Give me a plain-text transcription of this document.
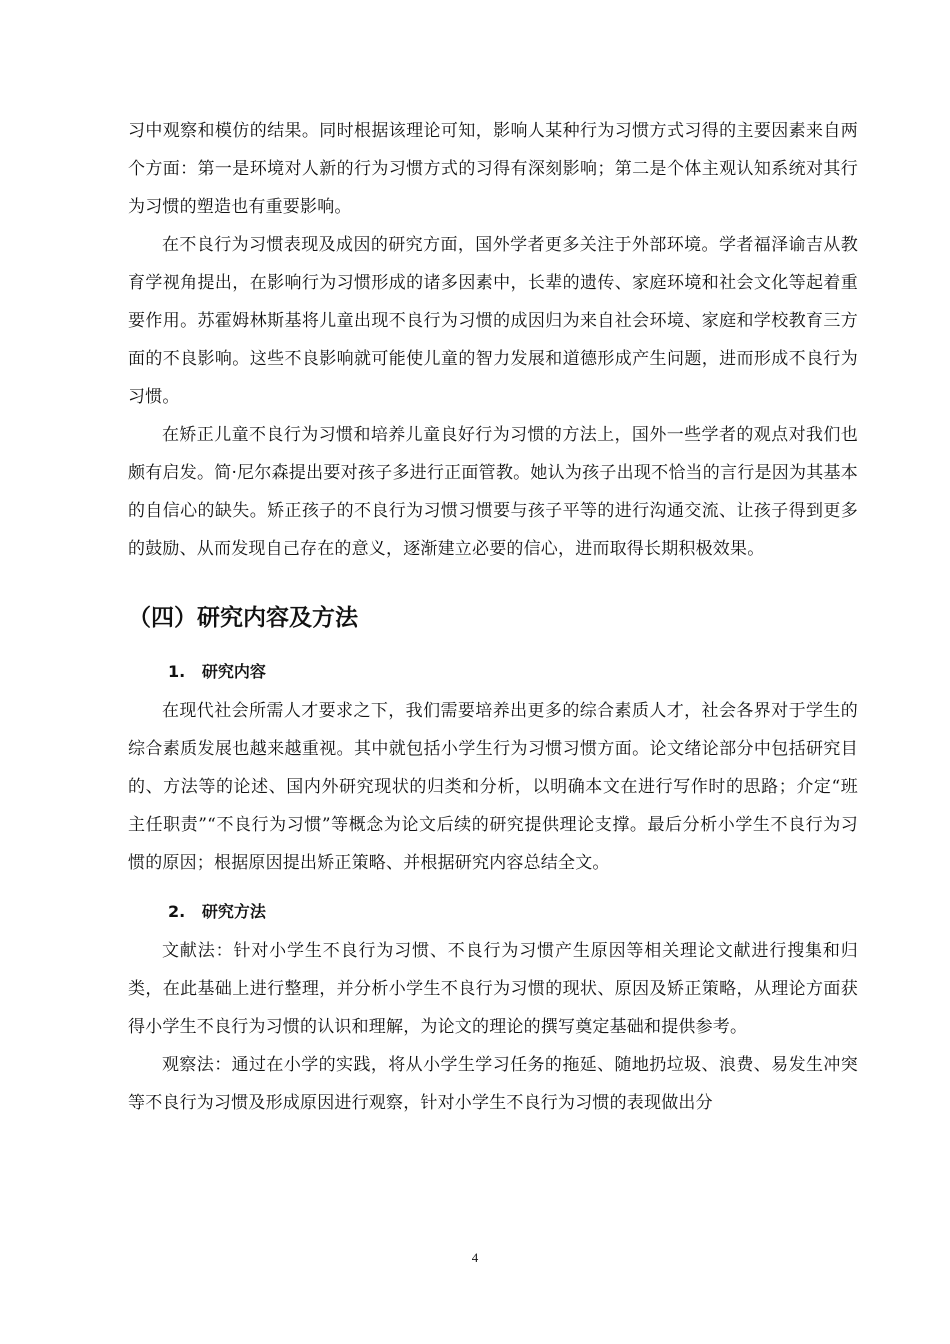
习中观察和模仿的结果。同时根据该理论可知，影响人某种行为习惯方式习得的主要因素来自两个方面：第一是环境对人新的行为习惯方式的习得有深刻影响；第二是个体主观认知系统对其行为习惯的塑造也有重要影响。

在不良行为习惯表现及成因的研究方面，国外学者更多关注于外部环境。学者福泽谕吉从教育学视角提出，在影响行为习惯形成的诸多因素中，长辈的遗传、家庭环境和社会文化等起着重要作用。苏霍姆林斯基将儿童出现不良行为习惯的成因归为来自社会环境、家庭和学校教育三方面的不良影响。这些不良影响就可能使儿童的智力发展和道德形成产生问题，进而形成不良行为习惯。

在矫正儿童不良行为习惯和培养儿童良好行为习惯的方法上，国外一些学者的观点对我们也颇有启发。简·尼尔森提出要对孩子多进行正面管教。她认为孩子出现不恰当的言行是因为其基本的自信心的缺失。矫正孩子的不良行为习惯习惯要与孩子平等的进行沟通交流、让孩子得到更多的鼓励、从而发现自己存在的意义，逐渐建立必要的信心，进而取得长期积极效果。

（四）研究内容及方法
1.   研究内容

在现代社会所需人才要求之下，我们需要培养出更多的综合素质人才，社会各界对于学生的综合素质发展也越来越重视。其中就包括小学生行为习惯习惯方面。论文绪论部分中包括研究目的、方法等的论述、国内外研究现状的归类和分析，以明确本文在进行写作时的思路；介定“班主任职责”“不良行为习惯”等概念为论文后续的研究提供理论支撑。最后分析小学生不良行为习惯的原因；根据原因提出矫正策略、并根据研究内容总结全文。

2.   研究方法

文献法：针对小学生不良行为习惯、不良行为习惯产生原因等相关理论文献进行搜集和归类，在此基础上进行整理，并分析小学生不良行为习惯的现状、原因及矫正策略，从理论方面获得小学生不良行为习惯的认识和理解，为论文的理论的撰写奠定基础和提供参考。

观察法：通过在小学的实践，将从小学生学习任务的拖延、随地扔垃圾、浪费、易发生冲突等不良行为习惯及形成原因进行观察，针对小学生不良行为习惯的表现做出分

4
